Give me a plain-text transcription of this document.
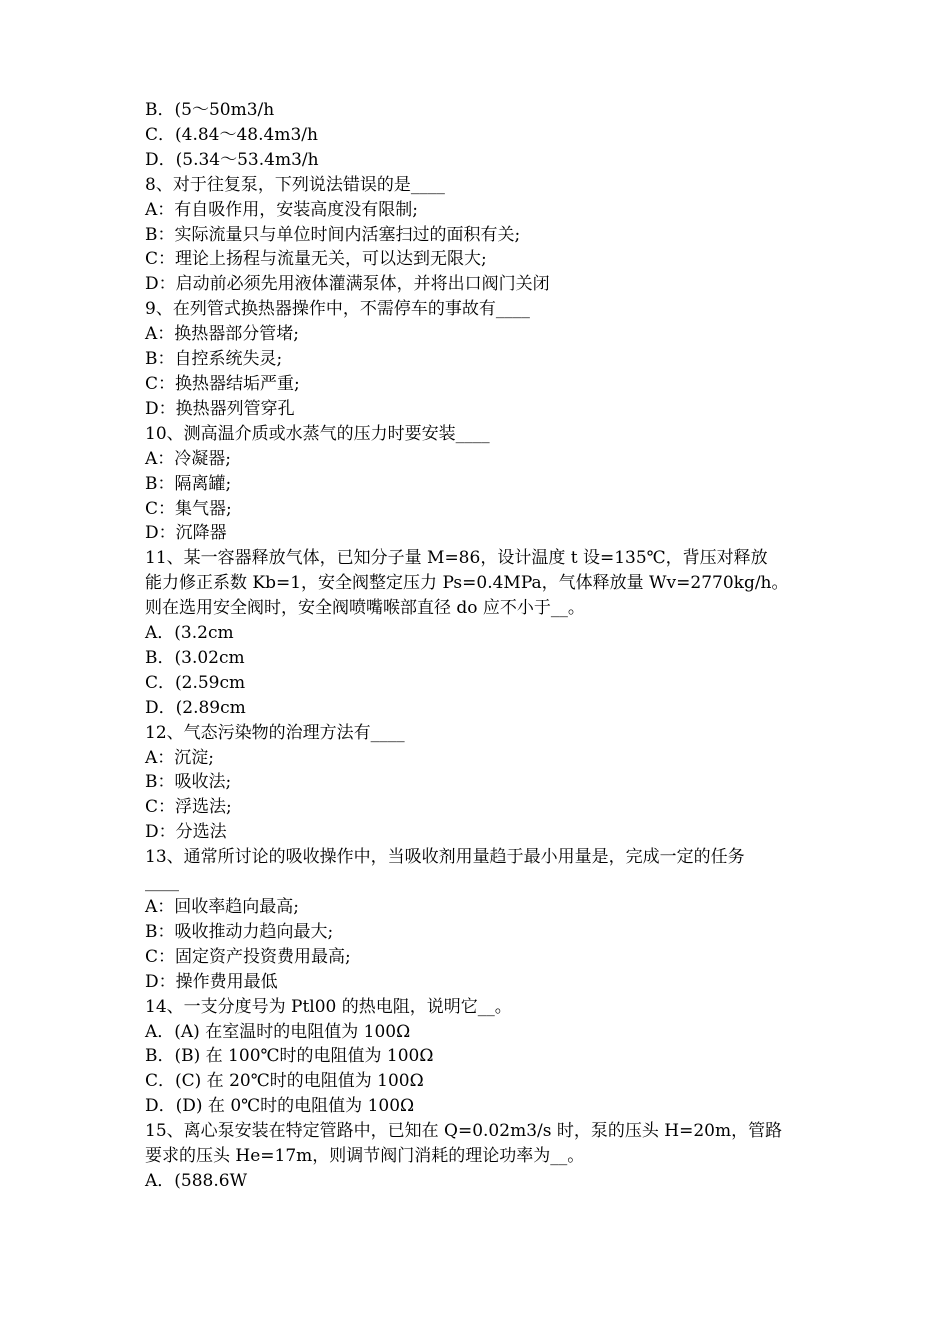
B．(5～50m3/h
C．(4.84～48.4m3/h
D．(5.34～53.4m3/h
8、对于往复泵，下列说法错误的是____
A：有自吸作用，安装高度没有限制;
B：实际流量只与单位时间内活塞扫过的面积有关;
C：理论上扬程与流量无关，可以达到无限大;
D：启动前必须先用液体灌满泵体，并将出口阀门关闭
9、在列管式换热器操作中，不需停车的事故有____
A：换热器部分管堵;
B：自控系统失灵;
C：换热器结垢严重;
D：换热器列管穿孔
10、测高温介质或水蒸气的压力时要安装____
A：冷凝器;
B：隔离罐;
C：集气器;
D：沉降器
11、某一容器释放气体，已知分子量 M=86，设计温度 t 设=135℃，背压对释放
能力修正系数 Kb=1，安全阀整定压力 Ps=0.4MPa，气体释放量 Wv=2770kg/h。
则在选用安全阀时，安全阀喷嘴喉部直径 do 应不小于__。
A．(3.2cm
B．(3.02cm
C．(2.59cm
D．(2.89cm
12、气态污染物的治理方法有____
A：沉淀;
B：吸收法;
C：浮选法;
D：分选法
13、通常所讨论的吸收操作中，当吸收剂用量趋于最小用量是，完成一定的任务
____
A：回收率趋向最高;
B：吸收推动力趋向最大;
C：固定资产投资费用最高;
D：操作费用最低
14、一支分度号为 Ptl00 的热电阻，说明它__。
A．(A) 在室温时的电阻值为 100Ω
B．(B) 在 100℃时的电阻值为 100Ω
C．(C) 在 20℃时的电阻值为 100Ω
D．(D) 在 0℃时的电阻值为 100Ω
15、离心泵安装在特定管路中，已知在 Q=0.02m3/s 时，泵的压头 H=20m，管路
要求的压头 He=17m，则调节阀门消耗的理论功率为__。
A．(588.6W
